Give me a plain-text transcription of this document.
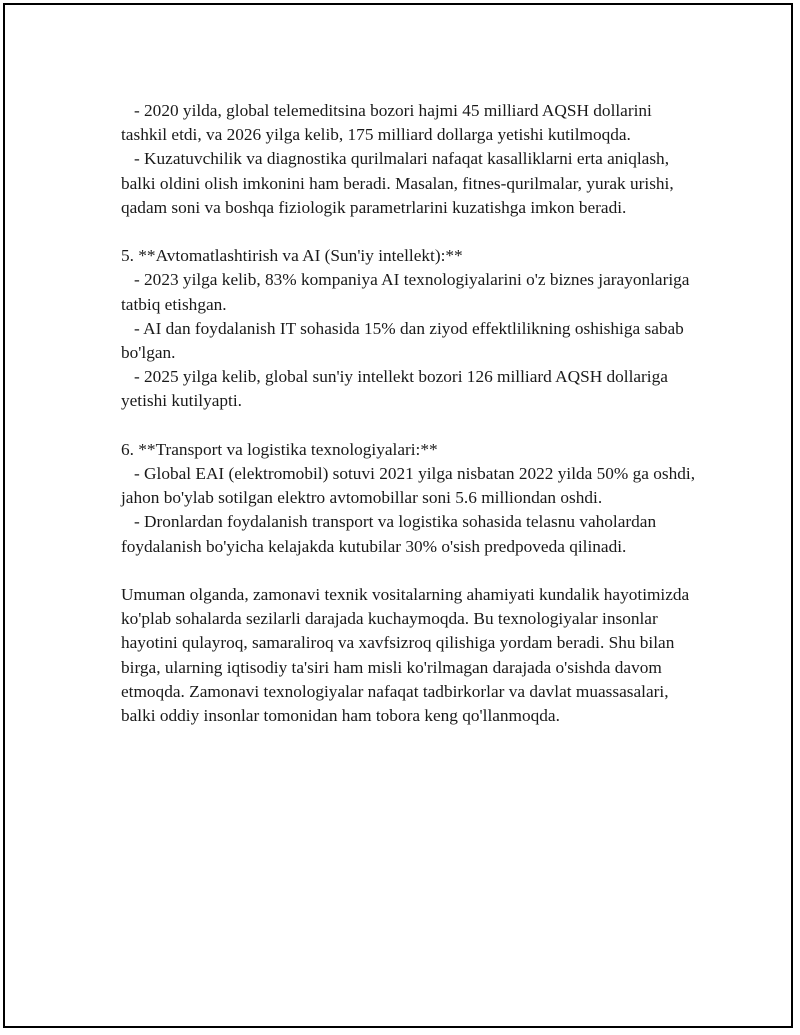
- 2020 yilda, global telemeditsina bozori hajmi 45 milliard AQSH dollarini tashkil etdi, va 2026 yilga kelib, 175 milliard dollarga yetishi kutilmoqda.

- Kuzatuvchilik va diagnostika qurilmalari nafaqat kasalliklarni erta aniqlash, balki oldini olish imkonini ham beradi. Masalan, fitnes-qurilmalar, yurak urishi, qadam soni va boshqa fiziologik parametrlarini kuzatishga imkon beradi.

5. **Avtomatlashtirish va AI (Sun'iy intellekt):**

- 2023 yilga kelib, 83% kompaniya AI texnologiyalarini o'z biznes jarayonlariga tatbiq etishgan.

- AI dan foydalanish IT sohasida 15% dan ziyod effektlilikning oshishiga sabab bo'lgan.

- 2025 yilga kelib, global sun'iy intellekt bozori 126 milliard AQSH dollariga yetishi kutilyapti.

6. **Transport va logistika texnologiyalari:**

- Global EAI (elektromobil) sotuvi 2021 yilga nisbatan 2022 yilda 50% ga oshdi, jahon bo'ylab sotilgan elektro avtomobillar soni 5.6 milliondan oshdi.

- Dronlardan foydalanish transport va logistika sohasida telasnu vaholardan foydalanish bo'yicha kelajakda kutubilar 30% o'sish predpoveda qilinadi.

Umuman olganda, zamonavi texnik vositalarning ahamiyati kundalik hayotimizda ko'plab sohalarda sezilarli darajada kuchaymoqda. Bu texnologiyalar insonlar hayotini qulayroq, samaraliroq va xavfsizroq qilishiga yordam beradi. Shu bilan birga, ularning iqtisodiy ta'siri ham misli ko'rilmagan darajada o'sishda davom etmoqda. Zamonavi texnologiyalar nafaqat tadbirkorlar va davlat muassasalari, balki oddiy insonlar tomonidan ham tobora keng qo'llanmoqda.
